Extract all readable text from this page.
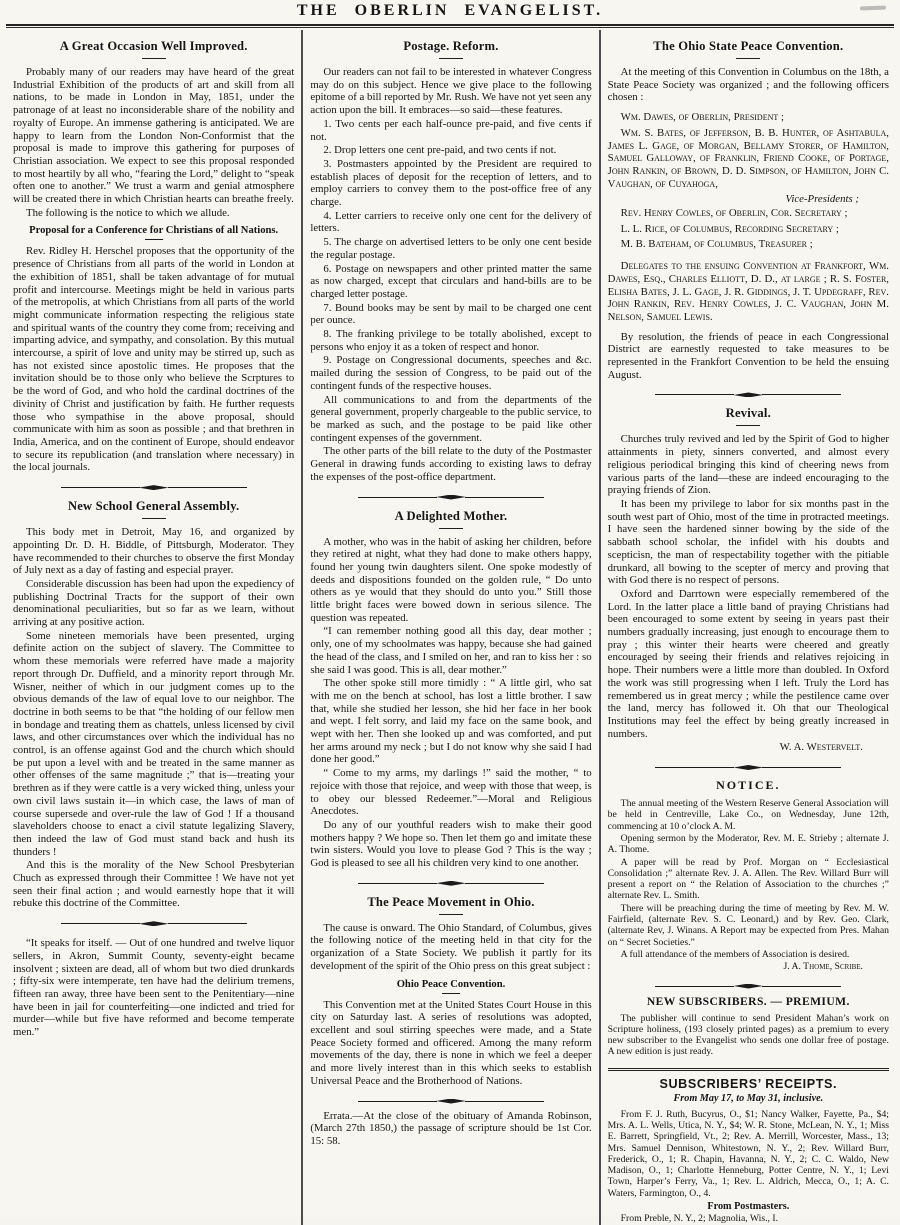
THE OBERLIN EVANGELIST.
A Great Occasion Well Improved.

Probably many of our readers may have heard of the great Industrial Exhibition of the products of art and skill from all nations, to be made in London in May, 1851, under the patronage of at least no inconsiderable share of the nobility and royalty of Europe. An immense gathering is anticipated. We are happy to learn from the London Non-Conformist that the proposal is made to improve this gathering for purposes of Christian association. We expect to see this proposal responded to most heartily by all who, “fearing the Lord,” delight to “speak often one to another.” We trust a warm and genial atmosphere will be created there in which Christian hearts can breathe freely.

The following is the notice to which we allude.

Proposal for a Conference for Christians of all Nations.

Rev. Ridley H. Herschel proposes that the opportunity of the presence of Christians from all parts of the world in London at the exhibition of 1851, shall be taken advantage of for mutual profit and intercourse. Meetings might be held in various parts of the metropolis, at which Christians from all parts of the world might communicate information respecting the religious state and spiritual wants of the country they come from; receiving and imparting advice, and sympathy, and consolation. By this mutual intercourse, a spirit of love and unity may be stirred up, such as has not existed since apostolic times. He proposes that the invitation should be to those only who believe the Scrptures to be the word of God, and who hold the cardinal doctrines of the divinity of Christ and justification by faith. He further requests those who sympathise in the above proposal, should communicate with him as soon as possible ; and that brethren in India, America, and on the continent of Europe, should endeavor to secure its republication (and translation where necessary) in the local journals.

New School General Assembly.

This body met in Detroit, May 16, and organized by appointing Dr. D. H. Biddle, of Pittsburgh, Moderator. They have recommended to their churches to observe the first Monday of July next as a day of fasting and especial prayer.

Considerable discussion has been had upon the expediency of publishing Doctrinal Tracts for the support of their own denominational peculiarities, but so far as we learn, without arriving at any positive action.

Some nineteen memorials have been presented, urging definite action on the subject of slavery. The Committee to whom these memorials were referred have made a majority report through Dr. Duffield, and a minority report through Mr. Wisner, neither of which in our judgment comes up to the obvious demands of the law of equal love to our neighbor. The doctrine in both seems to be that “the holding of our fellow men in bondage and treating them as chattels, unless licensed by civil laws, and other circumstances over which the individual has no control, is an offense against God and the church which should be put upon a level with and be treated in the same manner as other offenses of the same magnitude ;” that is—treating your brethren as if they were cattle is a very wicked thing, unless your own civil laws sustain it—in which case, the laws of man of course supersede and over-rule the law of God ! If a thousand slaveholders choose to enact a civil statute legalizing Slavery, then indeed the law of God must stand back and hush its thunders !

And this is the morality of the New School Presbyterian Chuch as expressed through their Committee ! We have not yet seen their final action ; and would earnestly hope that it will rebuke this doctrine of the Committee.

“It speaks for itself. — Out of one hundred and twelve liquor sellers, in Akron, Summit County, seventy-eight became insolvent ; sixteen are dead, all of whom but two died drunkards ; fifty-six were intemperate, ten have had the delirium tremens, fifteen ran away, three have been sent to the Penitentiary—nine have been in jail for counterfeiting—one indicted and tried for murder—while but five have reformed and become temperate men.”

Postage. Reform.

Our readers can not fail to be interested in whatever Congress may do on this subject. Hence we give place to the following epitome of a bill reported by Mr. Rush. We have not yet seen any action upon the bill. It embraces—so said—these features.

1. Two cents per each half-ounce pre-paid, and five cents if not.

2. Drop letters one cent pre-paid, and two cents if not.

3. Postmasters appointed by the President are required to establish places of deposit for the reception of letters, and to employ carriers to convey them to the post-office free of any charge.

4. Letter carriers to receive only one cent for the delivery of letters.

5. The charge on advertised letters to be only one cent beside the regular postage.

6. Postage on newspapers and other printed matter the same as now charged, except that circulars and hand-bills are to be charged letter postage.

7. Bound books may be sent by mail to be charged one cent per ounce.

8. The franking privilege to be totally abolished, except to persons who enjoy it as a token of respect and honor.

9. Postage on Congressional documents, speeches and &c. mailed during the session of Congress, to be paid out of the contingent funds of the respective houses.

All communications to and from the departments of the general government, properly chargeable to the public service, to be marked as such, and the postage to be paid like other contingent expenses of the government.

The other parts of the bill relate to the duty of the Postmaster General in drawing funds according to existing laws to defray the expenses of the post-office department.

A Delighted Mother.

A mother, who was in the habit of asking her children, before they retired at night, what they had done to make others happy, found her young twin daughters silent. One spoke modestly of deeds and dispositions founded on the golden rule, “ Do unto others as ye would that they should do unto you.” Still those little bright faces were bowed down in serious silence. The question was repeated.

“I can remember nothing good all this day, dear mother ; only, one of my schoolmates was happy, because she had gained the head of the class, and I smiled on her, and ran to kiss her : so she said I was good. This is all, dear mother.”

The other spoke still more timidly : “ A little girl, who sat with me on the bench at school, has lost a little brother. I saw that, while she studied her lesson, she hid her face in her book and wept. I felt sorry, and laid my face on the same book, and wept with her. Then she looked up and was comforted, and put her arms around my neck ; but I do not know why she said I had done her good.”

“ Come to my arms, my darlings !” said the mother, “ to rejoice with those that rejoice, and weep with those that weep, is to obey our blessed Redeemer.”—Moral and Religious Anecdotes.

Do any of our youthful readers wish to make their good mothers happy ? We hope so. Then let them go and imitate these twin sisters. Would you love to please God ? This is the way ; God is pleased to see all his children very kind to one another.

The Peace Movement in Ohio.

The cause is onward. The Ohio Standard, of Columbus, gives the following notice of the meeting held in that city for the organization of a State Society. We publish it partly for its development of the spirit of the Ohio press on this great subject :

Ohio Peace Convention.

This Convention met at the United States Court House in this city on Saturday last. A series of resolutions was adopted, excellent and soul stirring speeches were made, and a State Peace Society formed and officered. Among the many reform movements of the day, there is none in which we feel a deeper and more lively interest than in this which seeks to establish Universal Peace and the Brotherhood of Nations.

Errata.—At the close of the obituary of Amanda Robinson, (March 27th 1850,) the passage of scripture should be 1st Cor. 15: 58.

The Ohio State Peace Convention.

At the meeting of this Convention in Columbus on the 18th, a State Peace Society was organized ; and the following officers chosen :

Wm. Dawes, of Oberlin, President ;

Wm. S. Bates, of Jefferson, B. B. Hunter, of Ashtabula, James L. Gage, of Morgan, Bellamy Storer, of Hamilton, Samuel Galloway, of Franklin, Friend Cooke, of Portage, John Rankin, of Brown, D. D. Simpson, of Hamilton, John C. Vaughan, of Cuyahoga,

Vice-Presidents ;

Rev. Henry Cowles, of Oberlin, Cor. Secretary ;

L. L. Rice, of Columbus, Recording Secretary ;

M. B. Bateham, of Columbus, Treasurer ;

Delegates to the ensuing Convention at Frankfort, Wm. Dawes, Esq., Charles Elliott, D. D., at large ; R. S. Foster, Elisha Bates, J. L. Gage, J. R. Giddings, J. T. Updegraff, Rev. John Rankin, Rev. Henry Cowles, J. C. Vaughan, John M. Nelson, Samuel Lewis.

By resolution, the friends of peace in each Congressional District are earnestly requested to take measures to be represented in the Frankfort Convention to be held the ensuing August.

Revival.

Churches truly revived and led by the Spirit of God to higher attainments in piety, sinners converted, and almost every religious periodical bringing this kind of cheering news from various parts of the land—these are indeed encouraging to the praying friends of Zion.

It has been my privilege to labor for six months past in the south west part of Ohio, most of the time in protracted meetings. I have seen the hardened sinner bowing by the side of the sabbath school scholar, the infidel with his doubts and scepticisn, the man of respectability together with the pitiable drunkard, all bowing to the scepter of mercy and proving that with God there is no respect of persons.

Oxford and Darrtown were especially remembered of the Lord. In the latter place a little band of praying Christians had been encouraged to some extent by seeing in years past their numbers gradually increasing, just enough to encourage them to pray ; this winter their hearts were cheered and greatly encouraged by seeing their friends and relatives rejoicing in hope. Their numbers were a little more than doubled. In Oxford the work was still progressing when I left. Truly the Lord has remembered us in great mercy ; while the pestilence came over the land, mercy has followed it. Oh that our Theological Institutions may feel the effect by being greatly increased in numbers.

W. A. Westervelt.

NOTICE.

The annual meeting of the Western Reserve General Association will be held in Centreville, Lake Co., on Wednesday, June 12th, commencing at 10 o’clock A. M.

Opening sermon by the Moderator, Rev. M. E. Strieby ; alternate J. A. Thome.

A paper will be read by Prof. Morgan on “ Ecclesiastical Consolidation ;” alternate Rev. J. A. Allen. The Rev. Willard Burr will present a report on “ the Relation of Association to the churches ;” alternate Rev. L. Smith.

There will be preaching during the time of meeting by Rev. M. W. Fairfield, (alternate Rev. S. C. Leonard,) and by Rev. Geo. Clark, (alternate Rev, J. Winans. A Report may be expected from Pres. Mahan on “ Secret Societies.”

A full attendance of the members of Association is desired.

J. A. Thome, Scribe.

NEW SUBSCRIBERS. — PREMIUM.

The publisher will continue to send President Mahan’s work on Scripture holiness, (193 closely printed pages) as a premium to every new subscriber to the Evangelist who sends one dollar free of postage. A new edition is just ready.

SUBSCRIBERS’ RECEIPTS.
From May 17, to May 31, inclusive.

From F. J. Ruth, Bucyrus, O., $1; Nancy Walker, Fayette, Pa., $4; Mrs. A. L. Wells, Utica, N. Y., $4; W. R. Stone, McLean, N. Y., 1; Miss E. Barrett, Springfield, Vt., 2; Rev. A. Merrill, Worcester, Mass., 13; Mrs. Samuel Dennison, Whitestown, N. Y., 2; Rev. Willard Burr, Frederick, O., 1; R. Chapin, Havanna, N. Y., 2; C. C. Waldo, New Madison, O., 1; Charlotte Henneburg, Potter Centre, N. Y., 1; Levi Town, Harper’s Ferry, Va., 1; Rev. L. Aldrich, Mecca, O., 1; A. C. Waters, Farmington, O., 4.

From Postmasters.

From Preble, N. Y., 2; Magnolia, Wis., I.
